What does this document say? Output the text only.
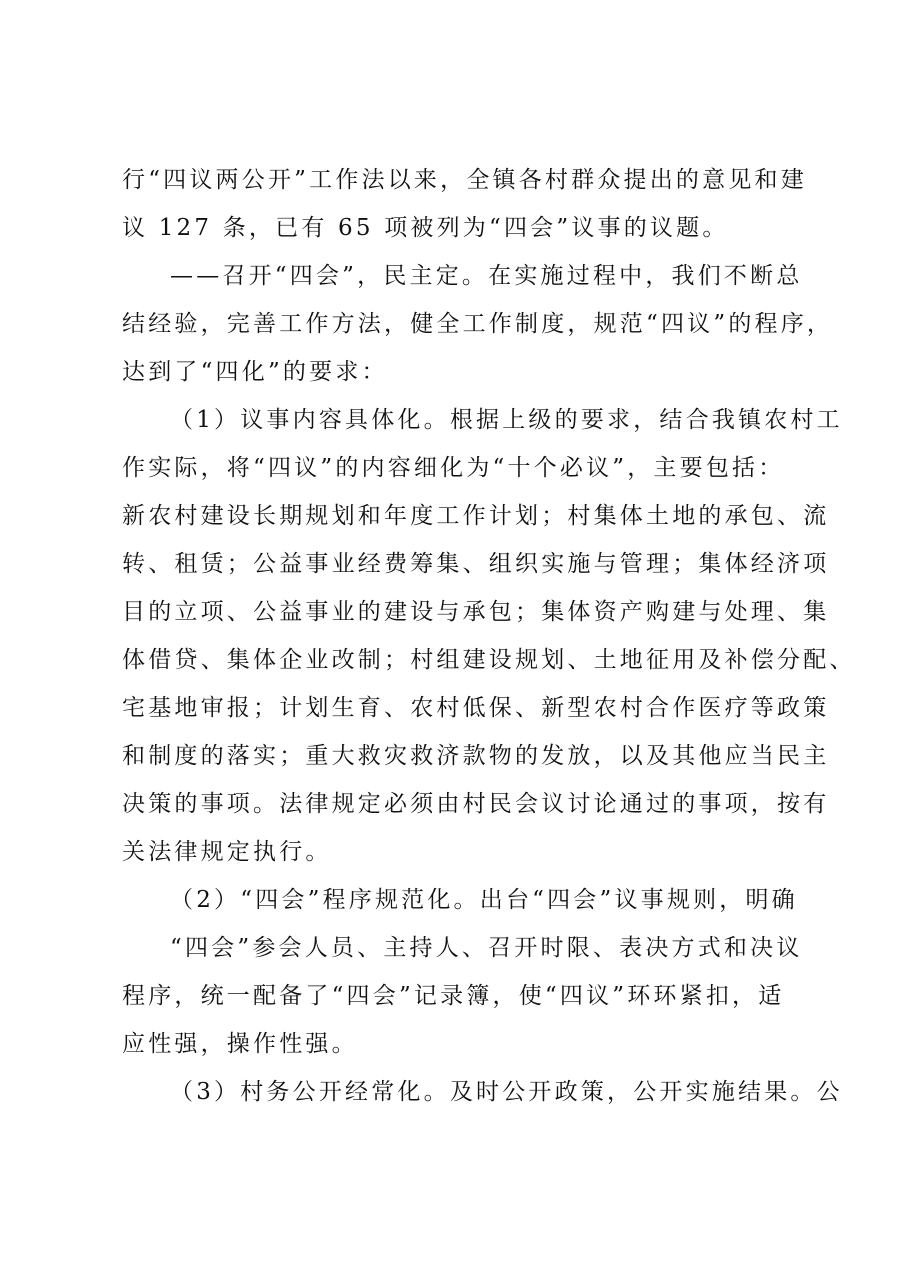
行“四议两公开”工作法以来，全镇各村群众提出的意见和建
议 127 条，已有 65 项被列为“四会”议事的议题。
——召开“四会”，民主定。在实施过程中，我们不断总
结经验，完善工作方法，健全工作制度，规范“四议”的程序，
达到了“四化”的要求：
（1）议事内容具体化。根据上级的要求，结合我镇农村工
作实际，将“四议”的内容细化为“十个必议”，主要包括：
新农村建设长期规划和年度工作计划；村集体土地的承包、流
转、租赁；公益事业经费筹集、组织实施与管理；集体经济项
目的立项、公益事业的建设与承包；集体资产购建与处理、集
体借贷、集体企业改制；村组建设规划、土地征用及补偿分配、
宅基地审报；计划生育、农村低保、新型农村合作医疗等政策
和制度的落实；重大救灾救济款物的发放，以及其他应当民主
决策的事项。法律规定必须由村民会议讨论通过的事项，按有
关法律规定执行。
（2）“四会”程序规范化。出台“四会”议事规则，明确
“四会”参会人员、主持人、召开时限、表决方式和决议
程序，统一配备了“四会”记录簿，使“四议”环环紧扣，适
应性强，操作性强。
（3）村务公开经常化。及时公开政策，公开实施结果。公
